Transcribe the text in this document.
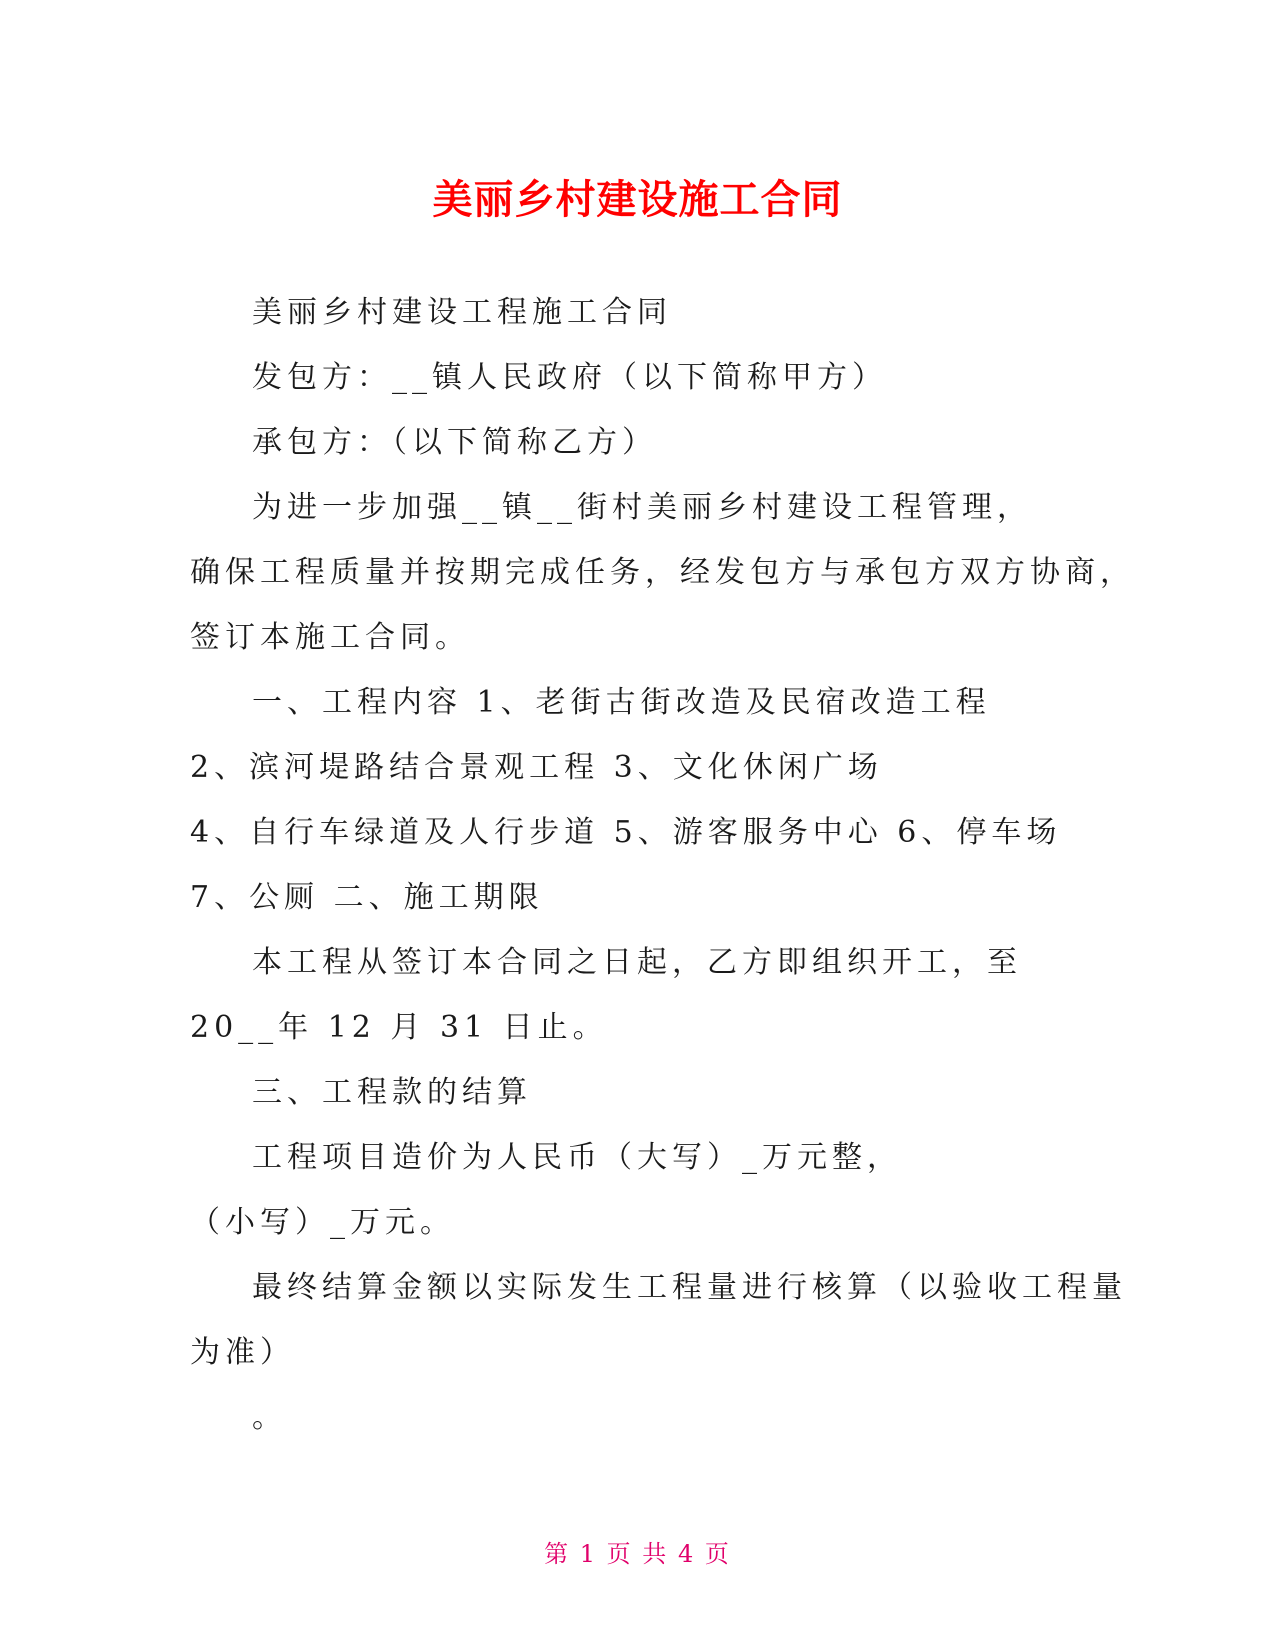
美丽乡村建设施工合同
美丽乡村建设工程施工合同
发包方：__镇人民政府（以下简称甲方）
承包方：（以下简称乙方）
为进一步加强__镇__街村美丽乡村建设工程管理，
确保工程质量并按期完成任务，经发包方与承包方双方协商，
签订本施工合同。
一、工程内容 1、老街古街改造及民宿改造工程
2、滨河堤路结合景观工程 3、文化休闲广场
4、自行车绿道及人行步道 5、游客服务中心 6、停车场
7、公厕 二、施工期限
本工程从签订本合同之日起，乙方即组织开工，至
20__年 12 月 31 日止。
三、工程款的结算
工程项目造价为人民币（大写）_万元整，
（小写）_万元。
最终结算金额以实际发生工程量进行核算（以验收工程量
为准）
。
第 1 页 共 4 页
